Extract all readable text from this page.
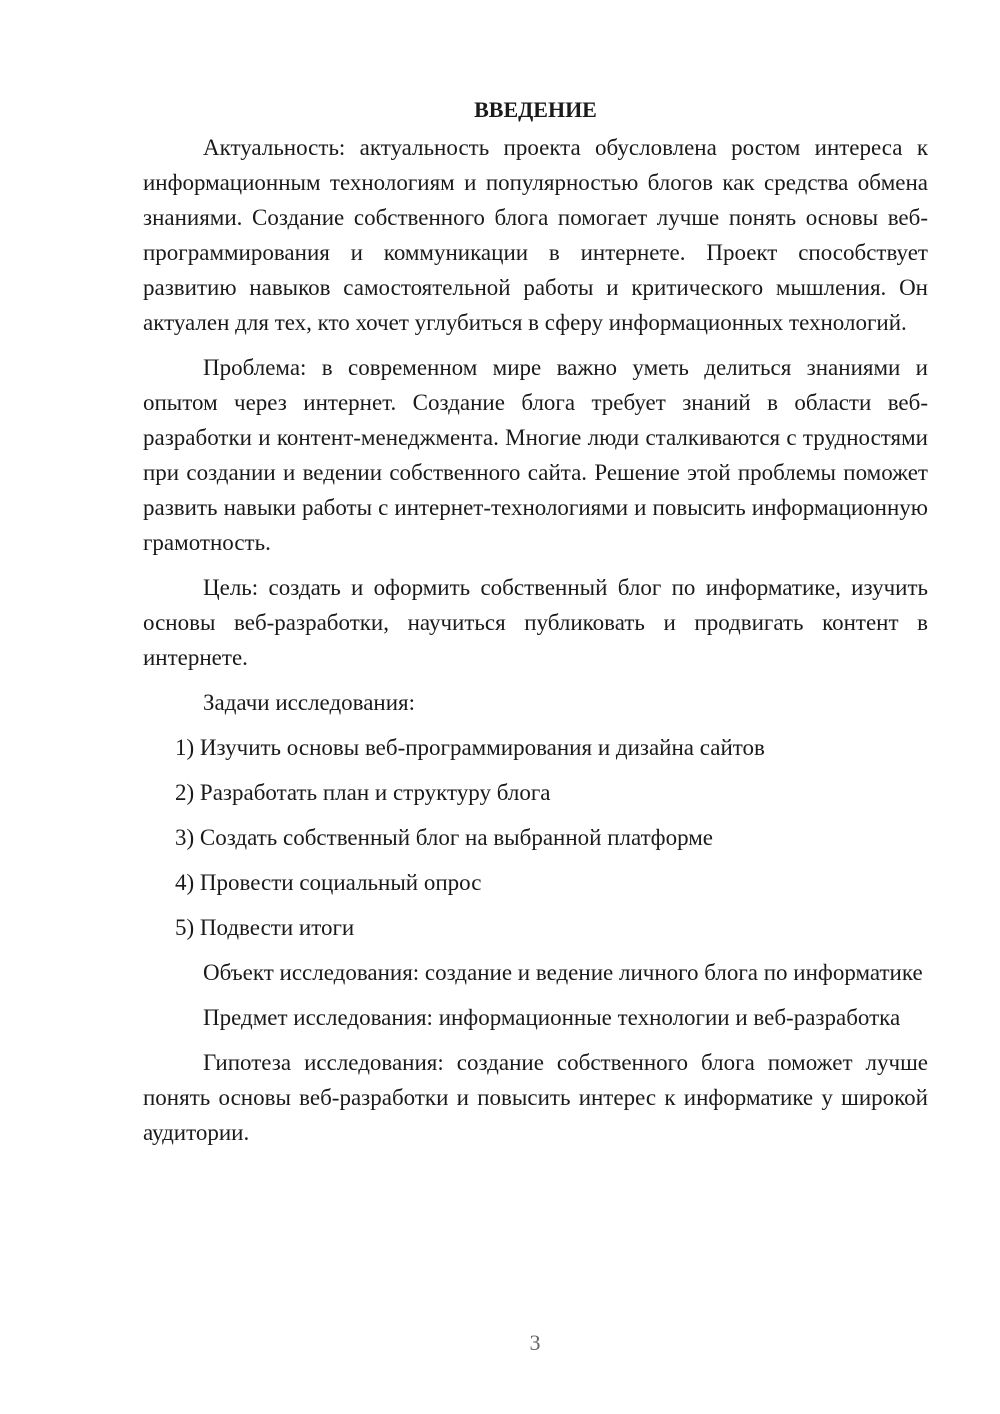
ВВЕДЕНИЕ

Актуальность: актуальность проекта обусловлена ростом интереса к информационным технологиям и популярностью блогов как средства обмена знаниями. Создание собственного блога помогает лучше понять основы веб-программирования и коммуникации в интернете. Проект способствует развитию навыков самостоятельной работы и критического мышления. Он актуален для тех, кто хочет углубиться в сферу информационных технологий.

Проблема: в современном мире важно уметь делиться знаниями и опытом через интернет. Создание блога требует знаний в области веб-разработки и контент-менеджмента. Многие люди сталкиваются с трудностями при создании и ведении собственного сайта. Решение этой проблемы поможет развить навыки работы с интернет-технологиями и повысить информационную грамотность.

Цель: создать и оформить собственный блог по информатике, изучить основы веб-разработки, научиться публиковать и продвигать контент в интернете.

Задачи исследования:

1) Изучить основы веб-программирования и дизайна сайтов
2) Разработать план и структуру блога
3) Создать собственный блог на выбранной платформе
4) Провести социальный опрос
5) Подвести итоги

Объект исследования: создание и ведение личного блога по информатике

Предмет исследования: информационные технологии и веб-разработка

Гипотеза исследования: создание собственного блога поможет лучше понять основы веб-разработки и повысить интерес к информатике у широкой аудитории.

3
